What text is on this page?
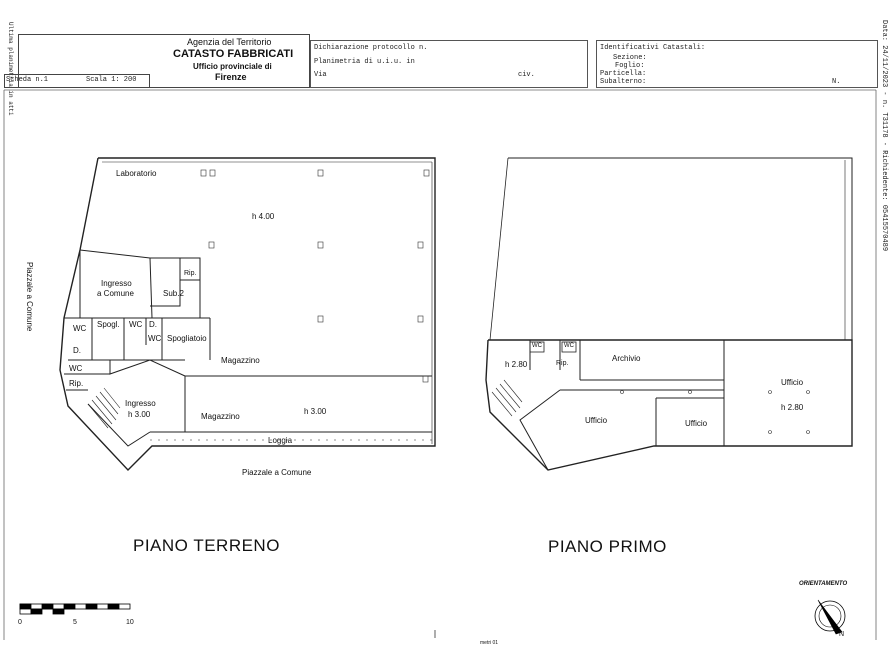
Ultima planimetria in atti	Data: 24/11/2023 - n. T31178 - Richiedente: 05415570489
Agenzia del Territorio
CATASTO FABBRICATI
Ufficio provinciale di
Firenze
Scheda n.1	Scala 1: 200
Dichiarazione protocollo n.
Planimetria di u.i.u. in
Via	civ.
Identificativi Catastali:
Sezione:
Foglio:
Particella:
Subalterno:	N.
Laboratorio
h 4.00
Ingresso
a Comune	Sub.2
Rip.
Spogl.
WC
D.
WC D.
WC Spogliatoio
WC
Rip.
Magazzino
Ingresso
h 3.00	Magazzino
h 3.00
Loggia
Piazzale a Comune
Piazzale a Comune
h 2.80
WC	WC
Rip.
Archivio
Ufficio
h 2.80
Ufficio	Ufficio
PIANO TERRENO	PIANO PRIMO
0	5	10
ORIENTAMENTO
N
metri 01
